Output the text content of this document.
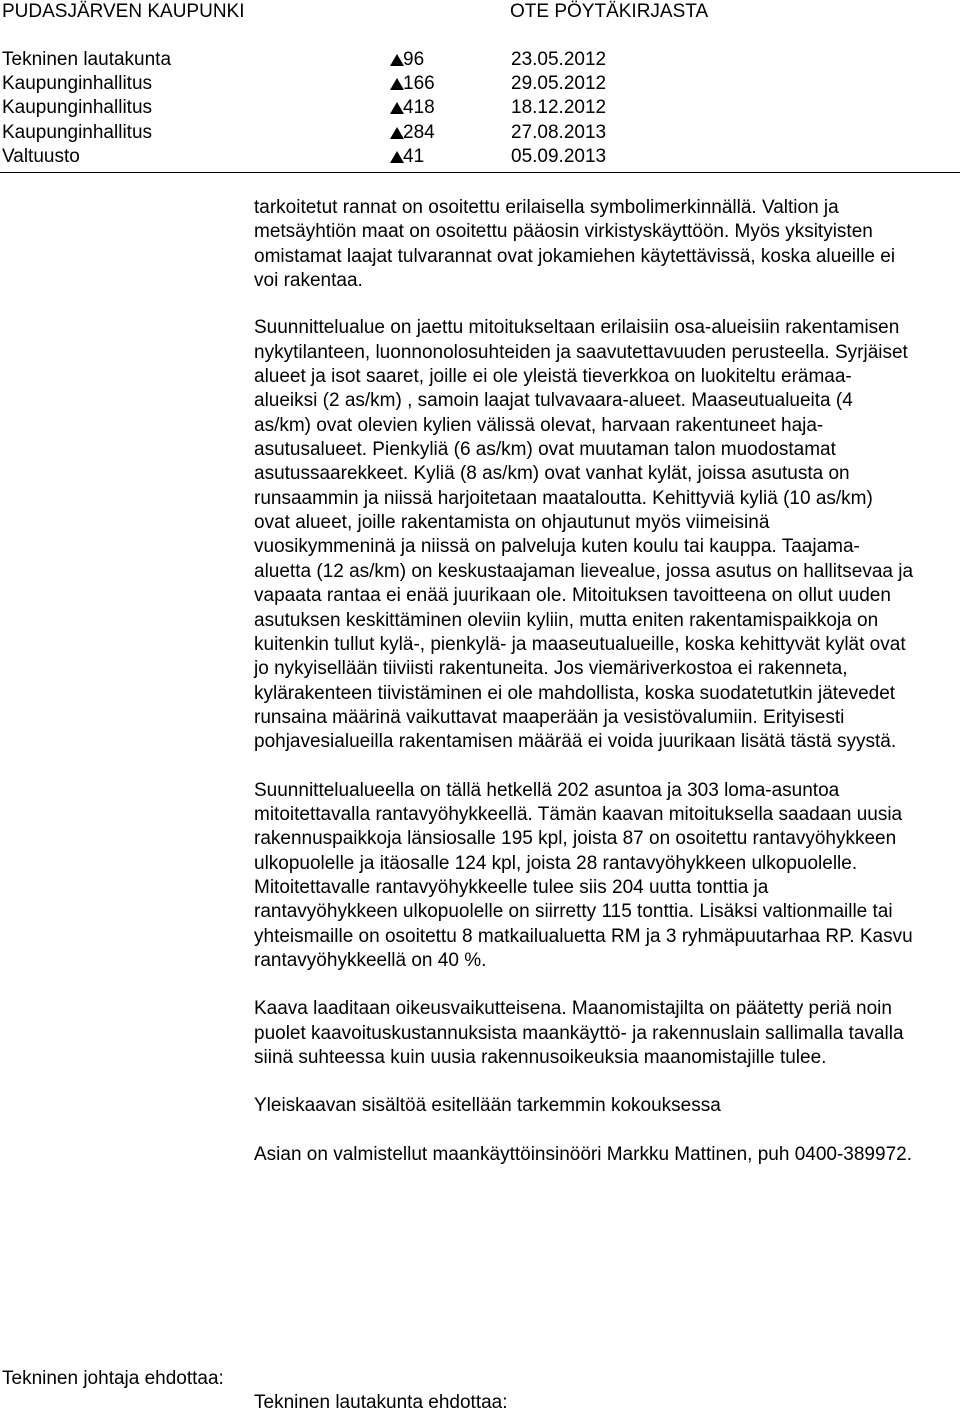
PUDASJÄRVEN KAUPUNKI	OTE PÖYTÄKIRJASTA
Tekninen lautakunta	96	23.05.2012
Kaupunginhallitus	166	29.05.2012
Kaupunginhallitus	418	18.12.2012
Kaupunginhallitus	284	27.08.2013
Valtuusto	41	05.09.2013

tarkoitetut rannat on osoitettu erilaisella symbolimerkinnällä. Valtion ja metsäyhtiön maat on osoitettu pääosin virkistyskäyttöön. Myös yksityisten omistamat laajat tulvarannat ovat jokamiehen käytettävissä, koska alueille ei voi rakentaa.

Suunnittelualue on jaettu mitoitukseltaan erilaisiin osa-alueisiin rakentamisen nykytilanteen, luonnonolosuhteiden ja saavutettavuuden perusteella. Syrjäiset alueet ja isot saaret, joille ei ole yleistä tieverkkoa on luokiteltu erämaa-alueiksi (2 as/km) , samoin laajat tulvavaara-alueet. Maaseutualueita (4 as/km) ovat olevien kylien välissä olevat, harvaan rakentuneet haja-asutusalueet. Pienkyliä (6 as/km) ovat muutaman talon muodostamat asutussaarekkeet. Kyliä (8 as/km) ovat vanhat kylät, joissa asutusta on runsaammin ja niissä harjoitetaan maataloutta. Kehittyviä kyliä (10 as/km) ovat alueet, joille rakentamista on ohjautunut myös viimeisinä vuosikymmeninä ja niissä on palveluja kuten koulu tai kauppa. Taajama-aluetta (12 as/km) on keskustaajaman lievealue, jossa asutus on hallitsevaa ja vapaata rantaa ei enää juurikaan ole. Mitoituksen tavoitteena on ollut uuden asutuksen keskittäminen oleviin kyliin, mutta eniten rakentamispaikkoja on kuitenkin tullut kylä-, pienkylä- ja maaseutualueille, koska kehittyvät kylät ovat jo nykyisellään tiiviisti rakentuneita. Jos viemäriverkostoa ei rakenneta, kylärakenteen tiivistäminen ei ole mahdollista, koska suodatetutkin jätevedet runsaina määrinä vaikuttavat maaperään ja vesistövalumiin. Erityisesti pohjavesialueilla rakentamisen määrää ei voida juurikaan lisätä tästä syystä.

Suunnittelualueella on tällä hetkellä 202 asuntoa ja 303 loma-asuntoa mitoitettavalla rantavyöhykkeellä. Tämän kaavan mitoituksella saadaan uusia rakennuspaikkoja länsiosalle 195 kpl, joista 87 on osoitettu rantavyöhykkeen ulkopuolelle ja itäosalle 124 kpl, joista 28 rantavyöhykkeen ulkopuolelle. Mitoitettavalle rantavyöhykkeelle tulee siis 204 uutta tonttia ja rantavyöhykkeen ulkopuolelle on siirretty 115 tonttia. Lisäksi valtionmaille tai yhteismaille on osoitettu 8 matkailualuetta RM ja 3 ryhmäpuutarhaa RP. Kasvu rantavyöhykkeellä on 40 %.

Kaava laaditaan oikeusvaikutteisena. Maanomistajilta on päätetty periä noin puolet kaavoituskustannuksista maankäyttö- ja rakennuslain sallimalla tavalla siinä suhteessa kuin uusia rakennusoikeuksia maanomistajille tulee.

Yleiskaavan sisältöä esitellään tarkemmin kokouksessa

Asian on valmistellut maankäyttöinsinööri Markku Mattinen, puh 0400-389972.

Tekninen johtaja ehdottaa:
Tekninen lautakunta ehdottaa:
